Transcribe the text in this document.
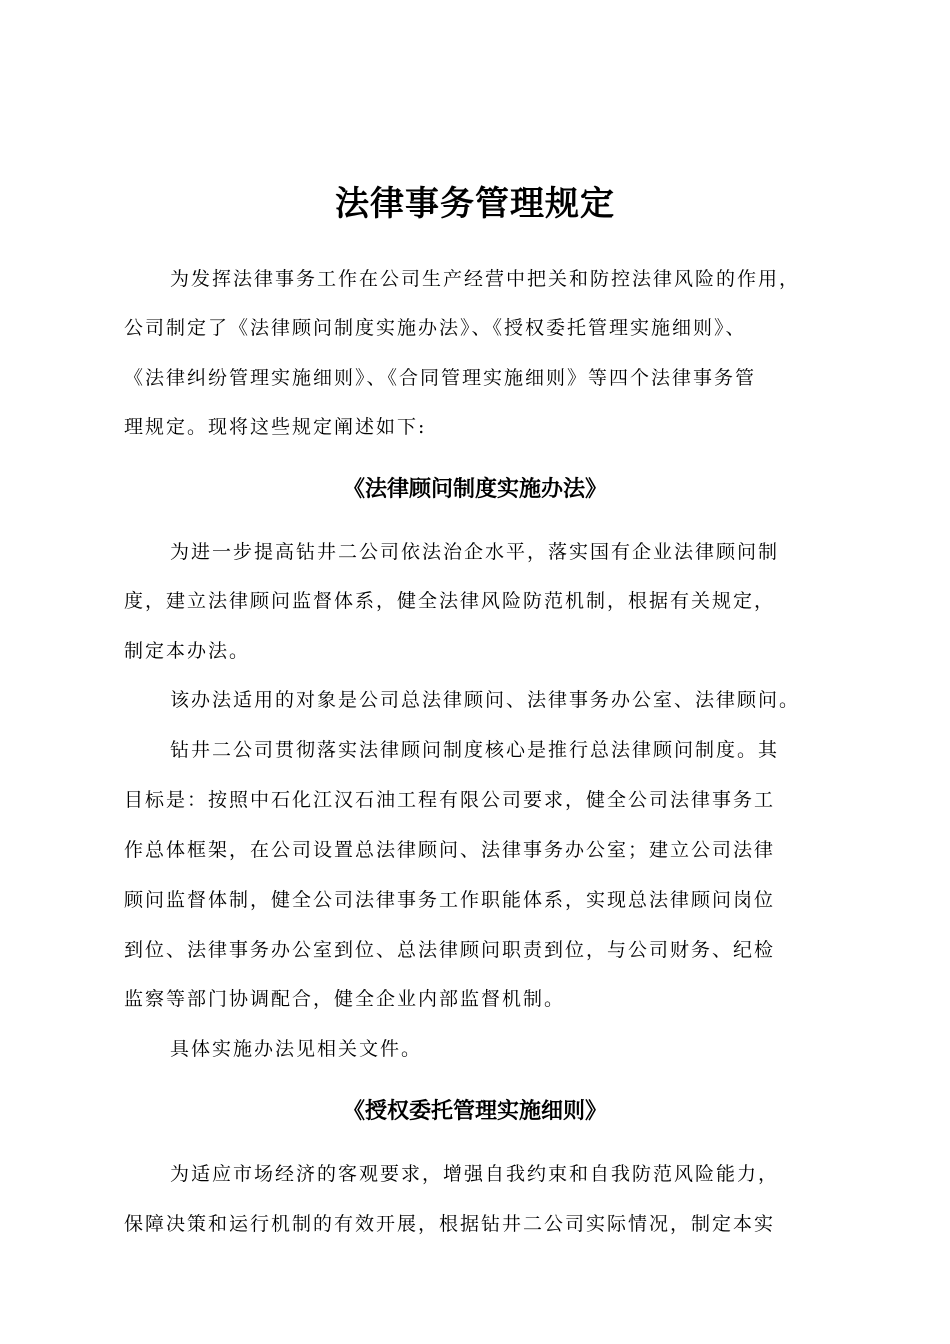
法律事务管理规定
为发挥法律事务工作在公司生产经营中把关和防控法律风险的作用，
公司制定了《法律顾问制度实施办法》、《授权委托管理实施细则》、
《法律纠纷管理实施细则》、《合同管理实施细则》等四个法律事务管
理规定。现将这些规定阐述如下:
《法律顾问制度实施办法》
为进一步提高钻井二公司依法治企水平，落实国有企业法律顾问制
度，建立法律顾问监督体系，健全法律风险防范机制，根据有关规定，
制定本办法。
该办法适用的对象是公司总法律顾问、法律事务办公室、法律顾问。
钻井二公司贯彻落实法律顾问制度核心是推行总法律顾问制度。其
目标是：按照中石化江汉石油工程有限公司要求，健全公司法律事务工
作总体框架，在公司设置总法律顾问、法律事务办公室；建立公司法律
顾问监督体制，健全公司法律事务工作职能体系，实现总法律顾问岗位
到位、法律事务办公室到位、总法律顾问职责到位，与公司财务、纪检
监察等部门协调配合，健全企业内部监督机制。
具体实施办法见相关文件。
《授权委托管理实施细则》
为适应市场经济的客观要求，增强自我约束和自我防范风险能力，
保障决策和运行机制的有效开展，根据钻井二公司实际情况，制定本实
